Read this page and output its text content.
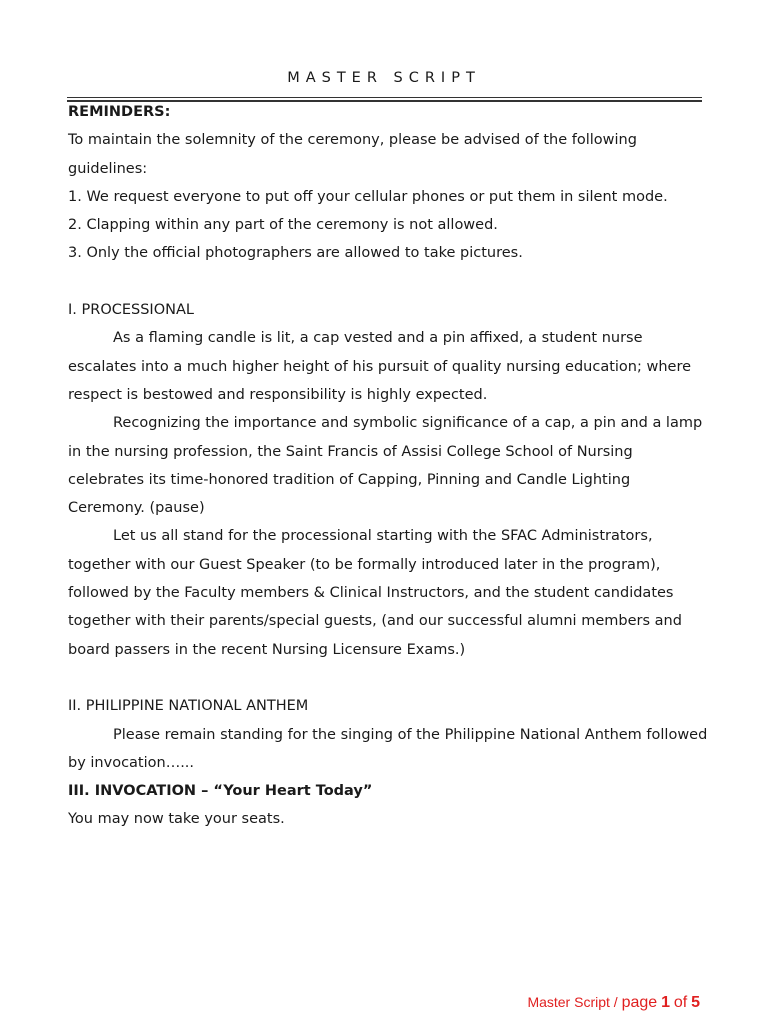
MASTER SCRIPT

REMINDERS:

To maintain the solemnity of the ceremony, please be advised of the following guidelines:

1. We request everyone to put off your cellular phones or put them in silent mode.

2. Clapping within any part of the ceremony is not allowed.

3. Only the official photographers are allowed to take pictures.

I. PROCESSIONAL

As a flaming candle is lit, a cap vested and a pin affixed, a student nurse escalates into a much higher height of his pursuit of quality nursing education; where respect is bestowed and responsibility is highly expected.

Recognizing the importance and symbolic significance of a cap, a pin and a lamp in the nursing profession, the Saint Francis of Assisi College School of Nursing celebrates its time-honored tradition of Capping, Pinning and Candle Lighting Ceremony. (pause)

Let us all stand for the processional starting with the SFAC Administrators, together with our Guest Speaker (to be formally introduced later in the program), followed by the Faculty members & Clinical Instructors, and the student candidates together with their parents/special guests, (and our successful alumni members and board passers in the recent Nursing Licensure Exams.)

II. PHILIPPINE NATIONAL ANTHEM

Please remain standing for the singing of the Philippine National Anthem followed by invocation…...

III. INVOCATION – “Your Heart Today”

You may now take your seats.

Master Script / page 1 of 5
